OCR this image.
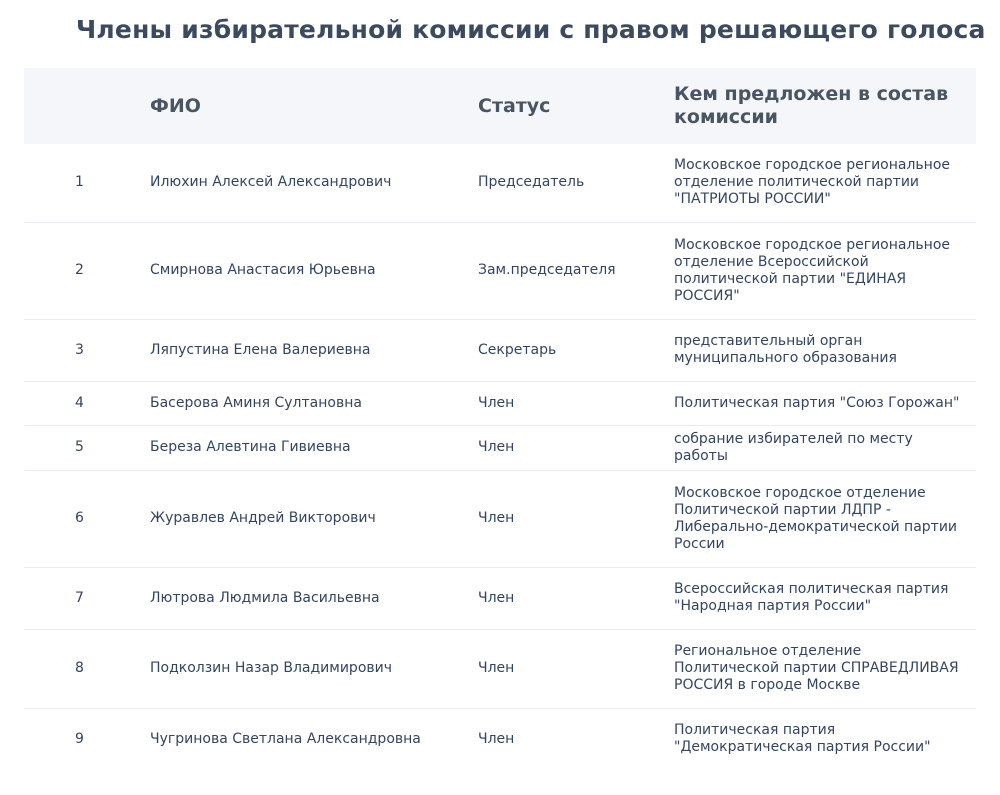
Члены избирательной комиссии с правом решающего голоса
	ФИО	Статус	Кем предложен в состав комиссии
1	Илюхин Алексей Александрович	Председатель	Московское городское региональное отделение политической партии "ПАТРИОТЫ РОССИИ"
2	Смирнова Анастасия Юрьевна	Зам.председателя	Московское городское региональное отделение Всероссийской политической партии "ЕДИНАЯ РОССИЯ"
3	Ляпустина Елена Валериевна	Секретарь	представительный орган муниципального образования
4	Басерова Аминя Султановна	Член	Политическая партия "Союз Горожан"
5	Береза Алевтина Гивиевна	Член	собрание избирателей по месту работы
6	Журавлев Андрей Викторович	Член	Московское городское отделение Политической партии ЛДПР - Либерально-демократической партии России
7	Лютрова Людмила Васильевна	Член	Всероссийская политическая партия "Народная партия России"
8	Подколзин Назар Владимирович	Член	Региональное отделение Политической партии СПРАВЕДЛИВАЯ РОССИЯ в городе Москве
9	Чугринова Светлана Александровна	Член	Политическая партия "Демократическая партия России"
